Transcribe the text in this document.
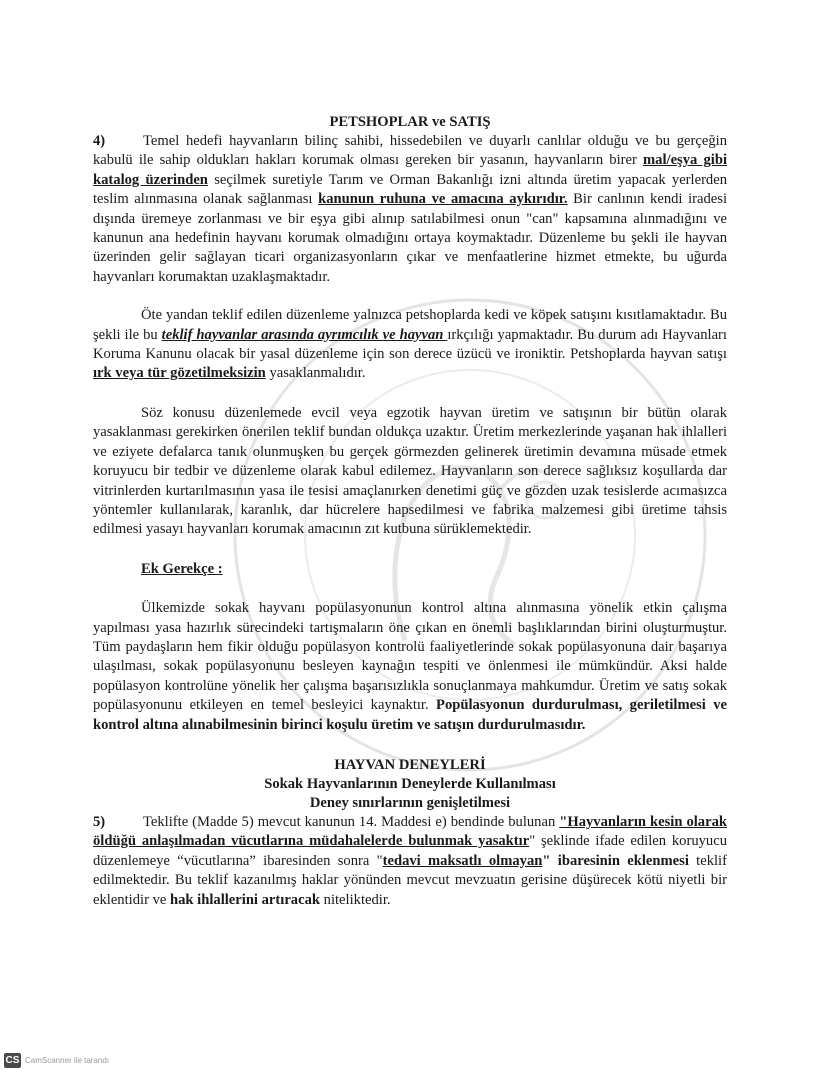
PETSHOPLAR ve SATIŞ

4)	Temel hedefi hayvanların bilinç sahibi, hissedebilen ve duyarlı canlılar olduğu ve bu gerçeğin kabulü ile sahip oldukları hakları korumak olması gereken bir yasanın, hayvanların birer mal/eşya gibi katalog üzerinden seçilmek suretiyle Tarım ve Orman Bakanlığı izni altında üretim yapacak yerlerden teslim alınmasına olanak sağlanması kanunun ruhuna ve amacına aykırıdır. Bir canlının kendi iradesi dışında üremeye zorlanması ve bir eşya gibi alınıp satılabilmesi onun "can" kapsamına alınmadığını ve kanunun ana hedefinin hayvanı korumak olmadığını ortaya koymaktadır. Düzenleme bu şekli ile hayvan üzerinden gelir sağlayan ticari organizasyonların çıkar ve menfaatlerine hizmet etmekte, bu uğurda hayvanları korumaktan uzaklaşmaktadır.

Öte yandan teklif edilen düzenleme yalnızca petshoplarda kedi ve köpek satışını kısıtlamaktadır. Bu şekli ile bu teklif hayvanlar arasında ayrımcılık ve hayvan ırkçılığı yapmaktadır. Bu durum adı Hayvanları Koruma Kanunu olacak bir yasal düzenleme için son derece üzücü ve ironiktir. Petshoplarda hayvan satışı ırk veya tür gözetilmeksizin yasaklanmalıdır.

Söz konusu düzenlemede evcil veya egzotik hayvan üretim ve satışının bir bütün olarak yasaklanması gerekirken önerilen teklif bundan oldukça uzaktır. Üretim merkezlerinde yaşanan hak ihlalleri ve eziyete defalarca tanık olunmuşken bu gerçek görmezden gelinerek üretimin devamına müsade etmek koruyucu bir tedbir ve düzenleme olarak kabul edilemez. Hayvanların son derece sağlıksız koşullarda dar vitrinlerden kurtarılmasının yasa ile tesisi amaçlanırken denetimi güç ve gözden uzak tesislerde acımasızca yöntemler kullanılarak, karanlık, dar hücrelere hapsedilmesi ve fabrika malzemesi gibi üretime tahsis edilmesi yasayı hayvanları korumak amacının zıt kutbuna sürüklemektedir.

Ek Gerekçe :

Ülkemizde sokak hayvanı popülasyonunun kontrol altına alınmasına yönelik etkin çalışma yapılması yasa hazırlık sürecindeki tartışmaların öne çıkan en önemli başlıklarından birini oluşturmuştur. Tüm paydaşların hem fikir olduğu popülasyon kontrolü faaliyetlerinde sokak popülasyonuna dair başarıya ulaşılması, sokak popülasyonunu besleyen kaynağın tespiti ve önlenmesi ile mümkündür. Aksi halde popülasyon kontrolüne yönelik her çalışma başarısızlıkla sonuçlanmaya mahkumdur. Üretim ve satış sokak popülasyonunu etkileyen en temel besleyici kaynaktır. Popülasyonun durdurulması, geriletilmesi ve kontrol altına alınabilmesinin birinci koşulu üretim ve satışın durdurulmasıdır.

HAYVAN DENEYLERİ

Sokak Hayvanlarının Deneylerde Kullanılması

Deney sınırlarının genişletilmesi

5)	Teklifte (Madde 5) mevcut kanunun 14. Maddesi e) bendinde bulunan "Hayvanların kesin olarak öldüğü anlaşılmadan vücutlarına müdahalelerde bulunmak yasaktır" şeklinde ifade edilen koruyucu düzenlemeye “vücutlarına” ibaresinden sonra "tedavi maksatlı olmayan" ibaresinin eklenmesi teklif edilmektedir. Bu teklif kazanılmış haklar yönünden mevcut mevzuatın gerisine düşürecek kötü niyetli bir eklentidir ve hak ihlallerini artıracak niteliktedir.

CS CamScanner ile tarandı
